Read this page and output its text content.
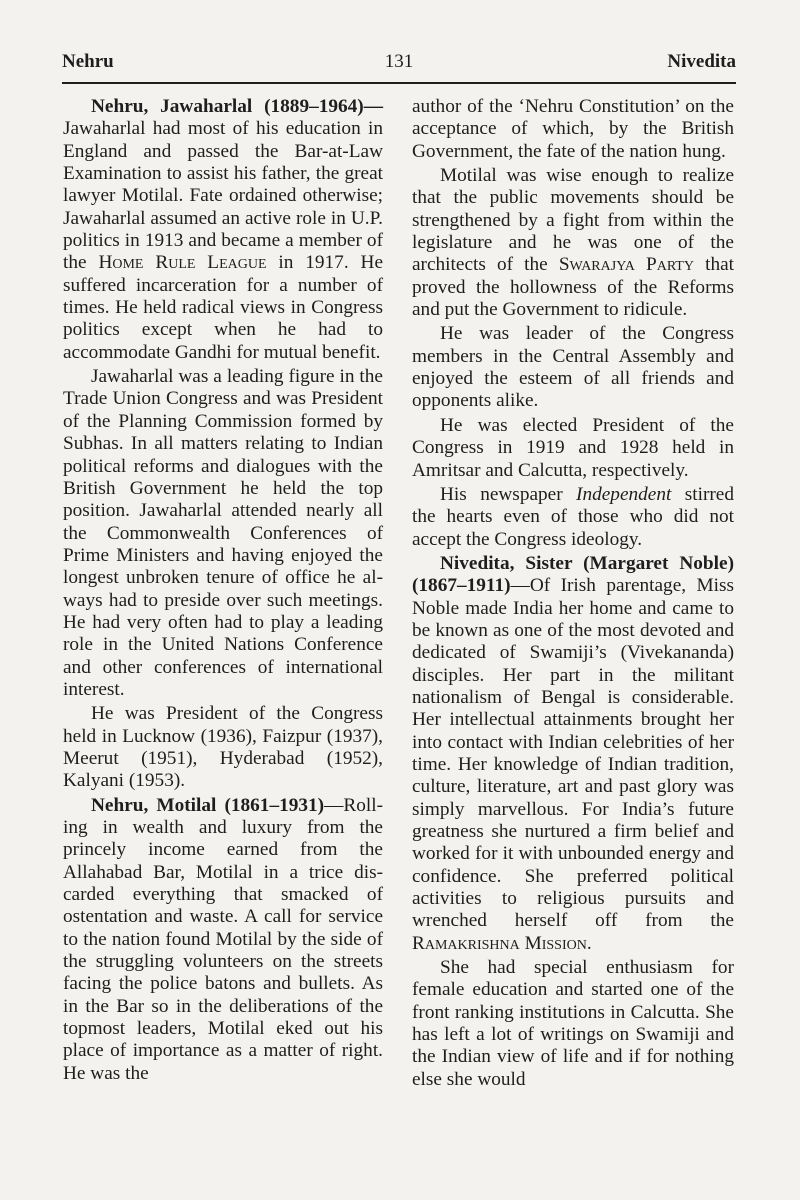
Nehru	131	Nivedita

Nehru, Jawaharlal (1889–1964)—Jawaharlal had most of his education in England and passed the Bar-at-Law Examination to assist his father, the great lawyer Motilal. Fate ordained otherwise; Jawaharlal assumed an active role in U.P. politics in 1913 and became a member of the Home Rule League in 1917. He suffered incarceration for a number of times. He held radical views in Congress politics except when he had to accommodate Gandhi for mutual benefit.

Jawaharlal was a leading figure in the Trade Union Congress and was President of the Planning Commission formed by Subhas. In all matters relating to Indian political reforms and dialogues with the British Government he held the top position. Jawaharlal attended nearly all the Commonwealth Conferences of Prime Ministers and having enjoyed the longest unbroken tenure of office he always had to preside over such meetings. He had very often had to play a leading role in the United Nations Conference and other conferences of international interest.

He was President of the Congress held in Lucknow (1936), Faizpur (1937), Meerut (1951), Hyderabad (1952), Kalyani (1953).

Nehru, Motilal (1861–1931)—Rolling in wealth and luxury from the princely income earned from the Allahabad Bar, Motilal in a trice discarded everything that smacked of ostentation and waste. A call for service to the nation found Motilal by the side of the struggling volunteers on the streets facing the police batons and bullets. As in the Bar so in the deliberations of the topmost leaders, Motilal eked out his place of importance as a matter of right. He was the

author of the ‘Nehru Constitution’ on the acceptance of which, by the British Government, the fate of the nation hung.

Motilal was wise enough to realize that the public movements should be strengthened by a fight from within the legislature and he was one of the architects of the Swarajya Party that proved the hollowness of the Reforms and put the Government to ridicule.

He was leader of the Congress members in the Central Assembly and enjoyed the esteem of all friends and opponents alike.

He was elected President of the Congress in 1919 and 1928 held in Amritsar and Calcutta, respectively.

His newspaper Independent stirred the hearts even of those who did not accept the Congress ideology.

Nivedita, Sister (Margaret Noble) (1867–1911)—Of Irish parentage, Miss Noble made India her home and came to be known as one of the most devoted and dedicated of Swamiji’s (Vivekananda) disciples. Her part in the militant nationalism of Bengal is considerable. Her intellectual attainments brought her into contact with Indian celebrities of her time. Her knowledge of Indian tradition, culture, literature, art and past glory was simply marvellous. For India’s future greatness she nurtured a firm belief and worked for it with unbounded energy and confidence. She preferred political activities to religious pursuits and wrenched herself off from the Ramakrishna Mission.

She had special enthusiasm for female education and started one of the front ranking institutions in Calcutta. She has left a lot of writings on Swamiji and the Indian view of life and if for nothing else she would
